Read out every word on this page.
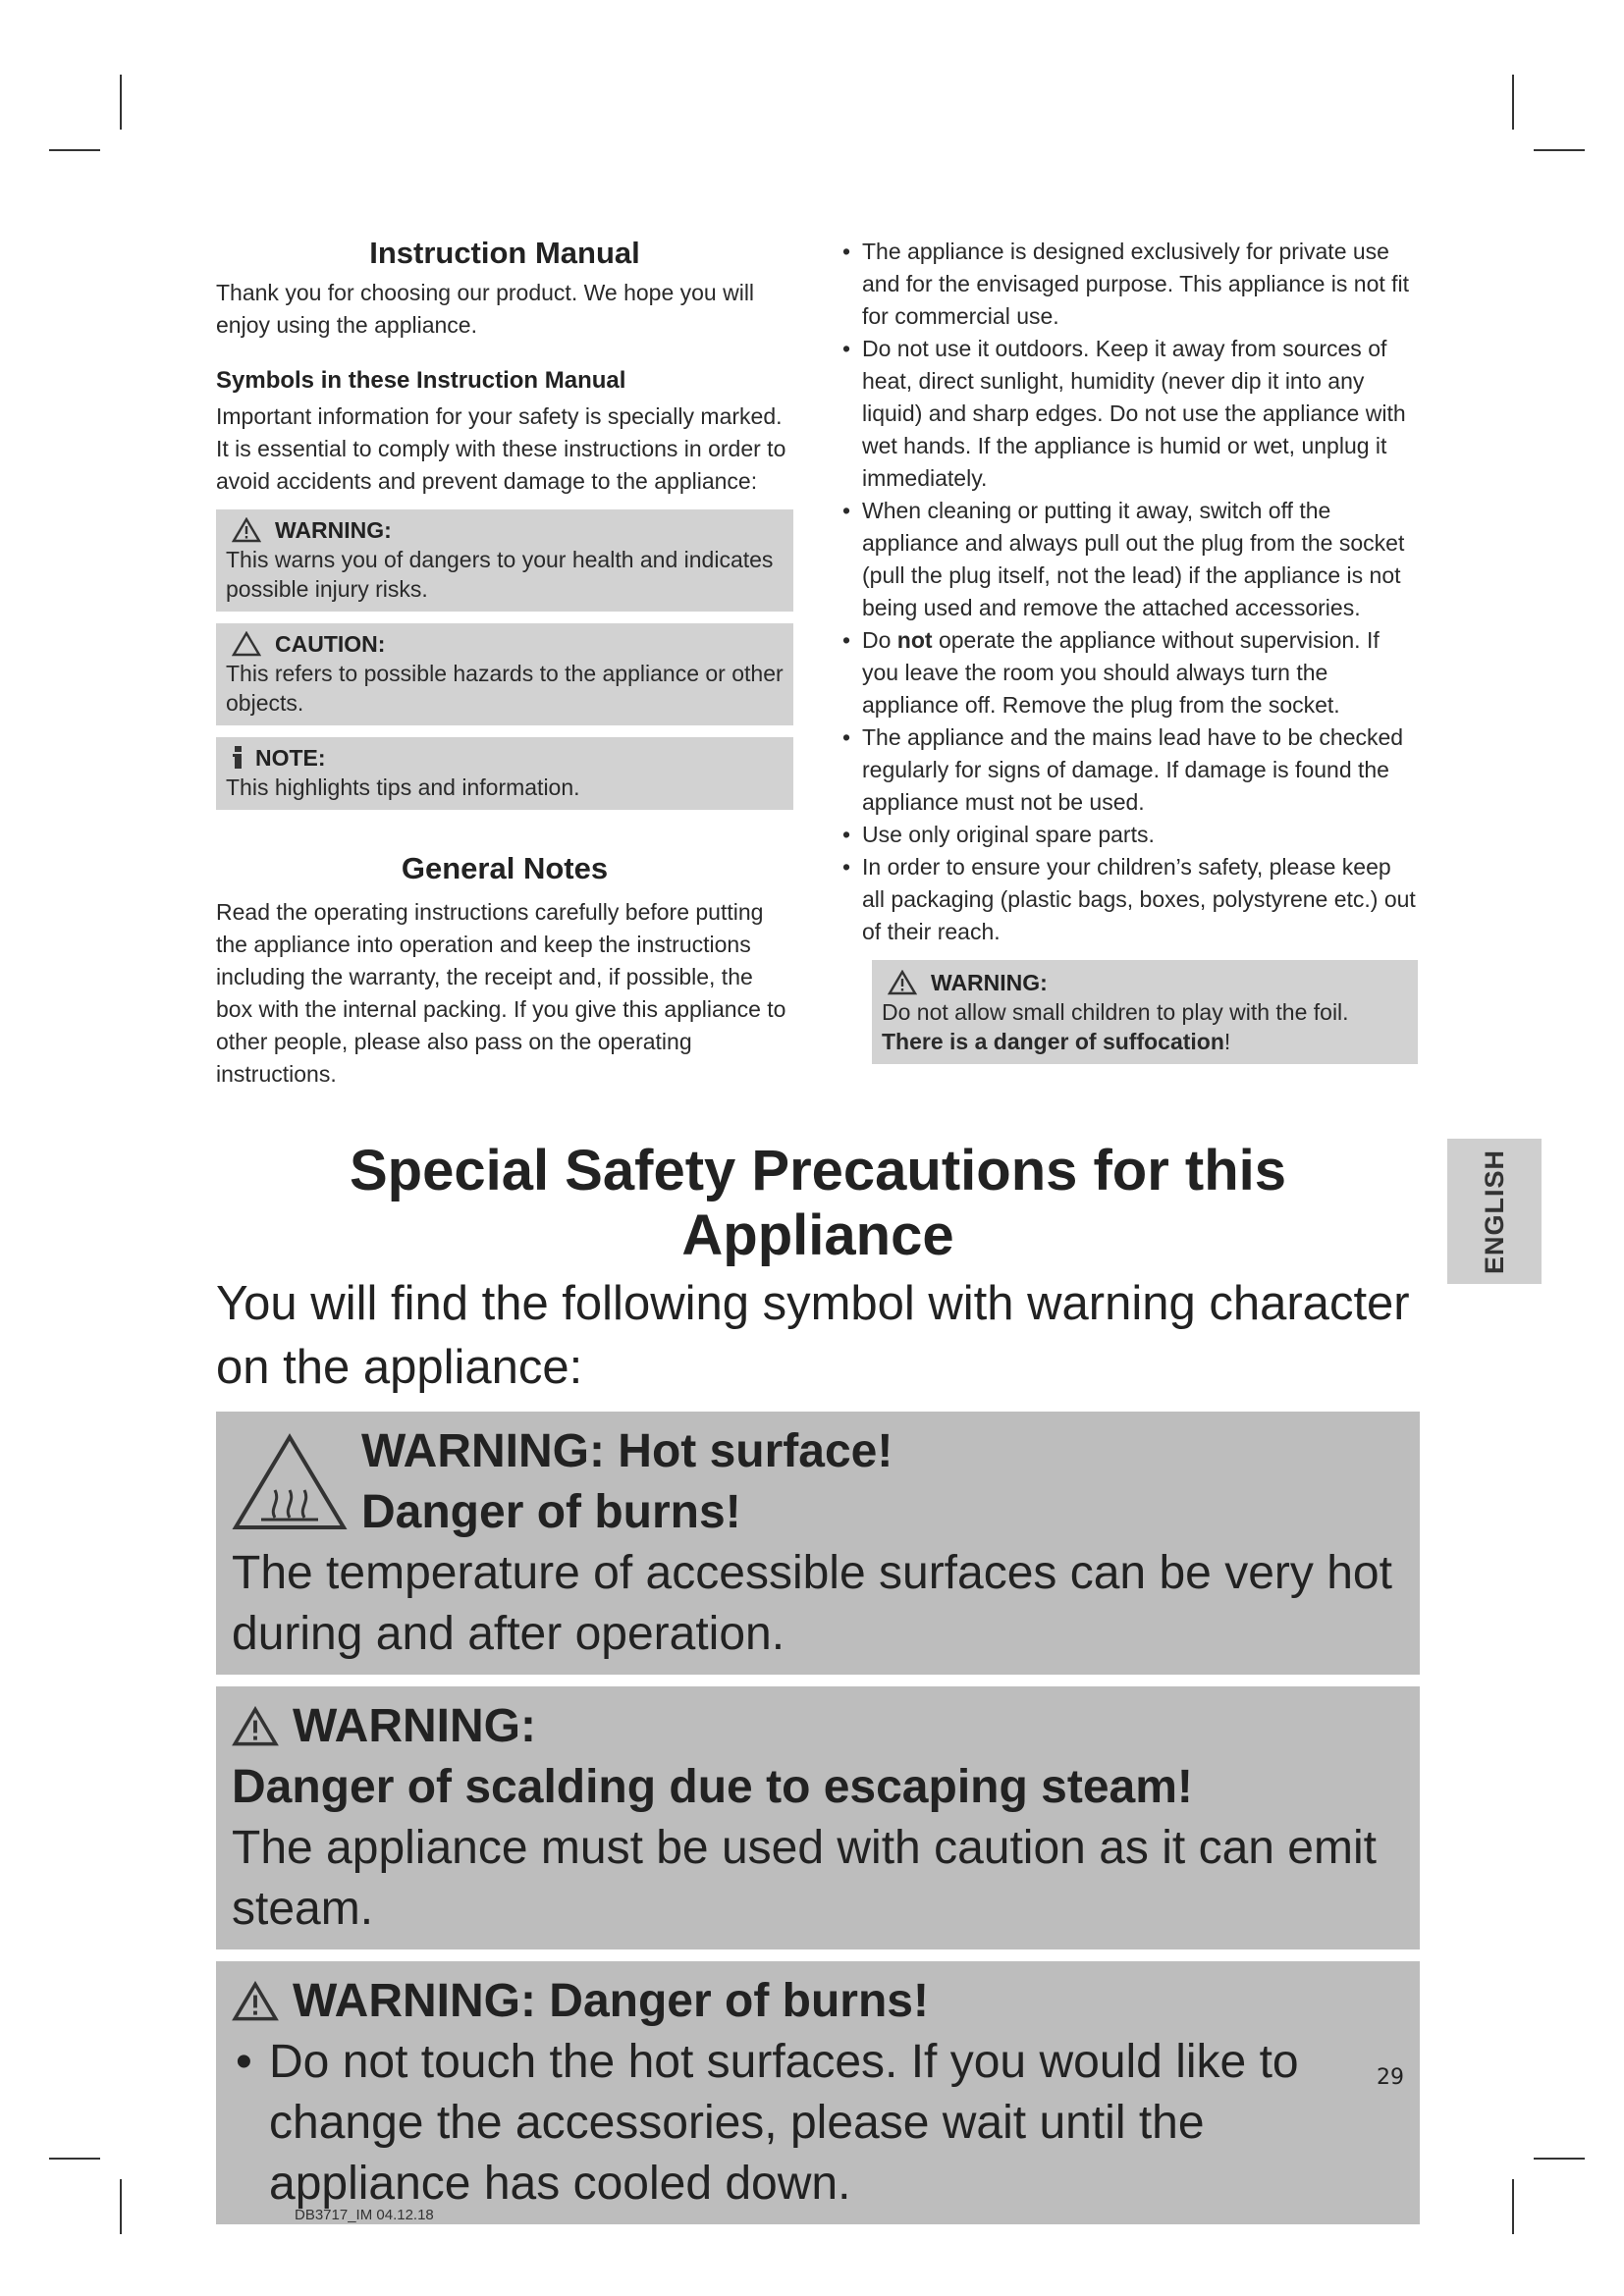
Instruction Manual

Thank you for choosing our product. We hope you will enjoy using the appliance.

Symbols in these Instruction Manual

Important information for your safety is specially marked.

It is essential to comply with these instructions in order to avoid accidents and prevent damage to the appliance:

WARNING:

This warns you of dangers to your health and indicates possible injury risks.

CAUTION:

This refers to possible hazards to the appliance or other objects.

NOTE:

This highlights tips and information.

General Notes

Read the operating instructions carefully before putting the appliance into operation and keep the instructions including the warranty, the receipt and, if possible, the box with the internal packing. If you give this appliance to other people, please also pass on the operating instructions.

• The appliance is designed exclusively for private use and for the envisaged purpose. This appliance is not fit for commercial use.
• Do not use it outdoors. Keep it away from sources of heat, direct sunlight, humidity (never dip it into any liquid) and sharp edges. Do not use the appliance with wet hands. If the appliance is humid or wet, unplug it immediately.
• When cleaning or putting it away, switch off the appliance and always pull out the plug from the socket (pull the plug itself, not the lead) if the appliance is not being used and remove the attached accessories.
• Do not operate the appliance without supervision. If you leave the room you should always turn the appliance off. Remove the plug from the socket.
• The appliance and the mains lead have to be checked regularly for signs of damage. If damage is found the appliance must not be used.
• Use only original spare parts.
• In order to ensure your children’s safety, please keep all packaging (plastic bags, boxes, polystyrene etc.) out of their reach.
WARNING:

Do not allow small children to play with the foil. There is a danger of suffocation!

ENGLISH
Special Safety Precautions for this Appliance

You will find the following symbol with warning character on the appliance:

WARNING: Hot surface!
Danger of burns!

The temperature of accessible surfaces can be very hot during and after operation.

WARNING:
Danger of scalding due to escaping steam!

The appliance must be used with caution as it can emit steam.

WARNING: Danger of burns!
• Do not touch the hot surfaces. If you would like to change the accessories, please wait until the appliance has cooled down.
29
DB3717_IM 04.12.18
